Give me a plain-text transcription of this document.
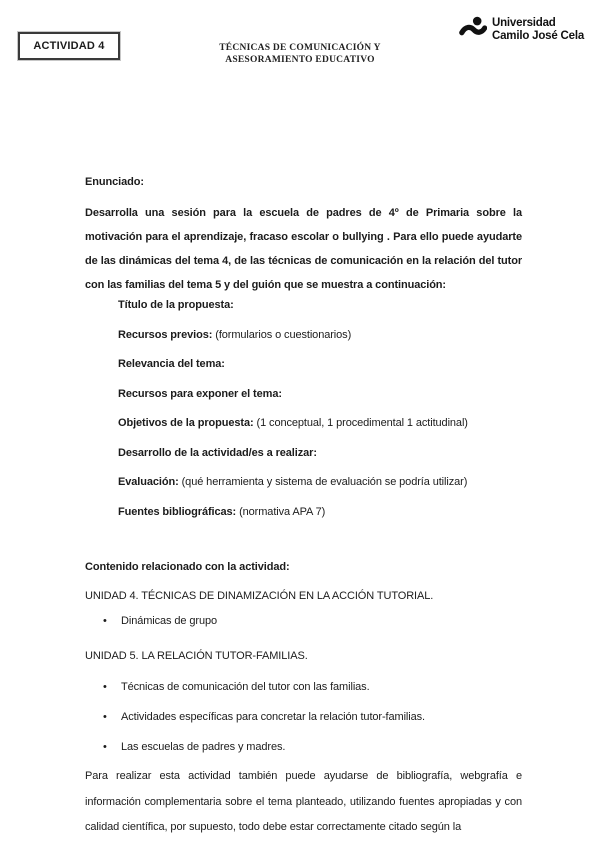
ACTIVIDAD 4	TÉCNICAS DE COMUNICACIÓN Y
ASESORAMIENTO EDUCATIVO
Universidad
Camilo José Cela
Enunciado:
Desarrolla una sesión para la escuela de padres de 4º de Primaria sobre la motivación para el aprendizaje, fracaso escolar o bullying . Para ello puede ayudarte de las dinámicas del tema 4, de las técnicas de comunicación en la relación del tutor con las familias del tema 5 y del guión que se muestra a continuación:
Título de la propuesta:
Recursos previos: (formularios o cuestionarios)
Relevancia del tema:
Recursos para exponer el tema:
Objetivos de la propuesta: (1 conceptual, 1 procedimental 1 actitudinal)
Desarrollo de la actividad/es a realizar:
Evaluación: (qué herramienta y sistema de evaluación se podría utilizar)
Fuentes bibliográficas: (normativa APA 7)
Contenido relacionado con la actividad:
UNIDAD 4. TÉCNICAS DE DINAMIZACIÓN EN LA ACCIÓN TUTORIAL.
• Dinámicas de grupo
UNIDAD 5. LA RELACIÓN TUTOR-FAMILIAS.
• Técnicas de comunicación del tutor con las familias.
• Actividades específicas para concretar la relación tutor-familias.
• Las escuelas de padres y madres.
Para realizar esta actividad también puede ayudarse de bibliografía, webgrafía e información complementaria sobre el tema planteado, utilizando fuentes apropiadas y con calidad científica, por supuesto, todo debe estar correctamente citado según la
